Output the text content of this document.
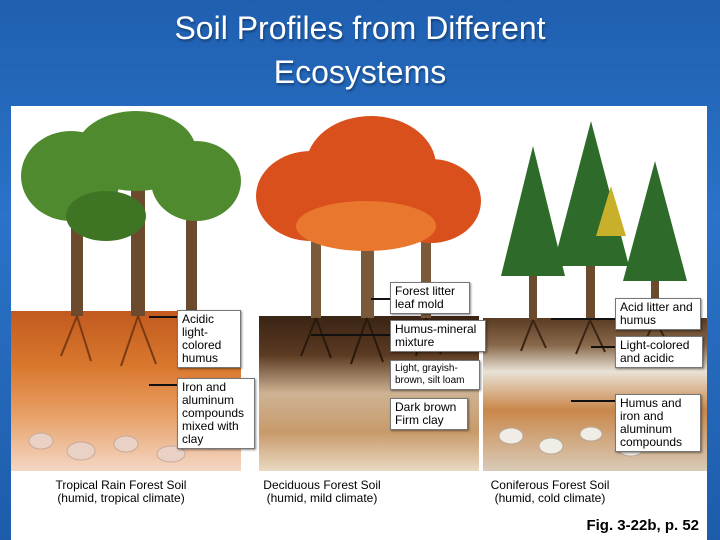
Soil Profiles from Different
Ecosystems
Acidic light-colored humus
Iron and aluminum compounds mixed with clay
Forest litter leaf mold
Humus-mineral mixture
Light, grayish-brown, silt loam
Dark brown Firm clay
Acid litter and humus
Light-colored and acidic
Humus and iron and aluminum compounds
Tropical Rain Forest Soil
(humid, tropical climate)
Deciduous Forest Soil
(humid, mild climate)
Coniferous Forest Soil
(humid, cold climate)
Fig. 3-22b, p. 52
